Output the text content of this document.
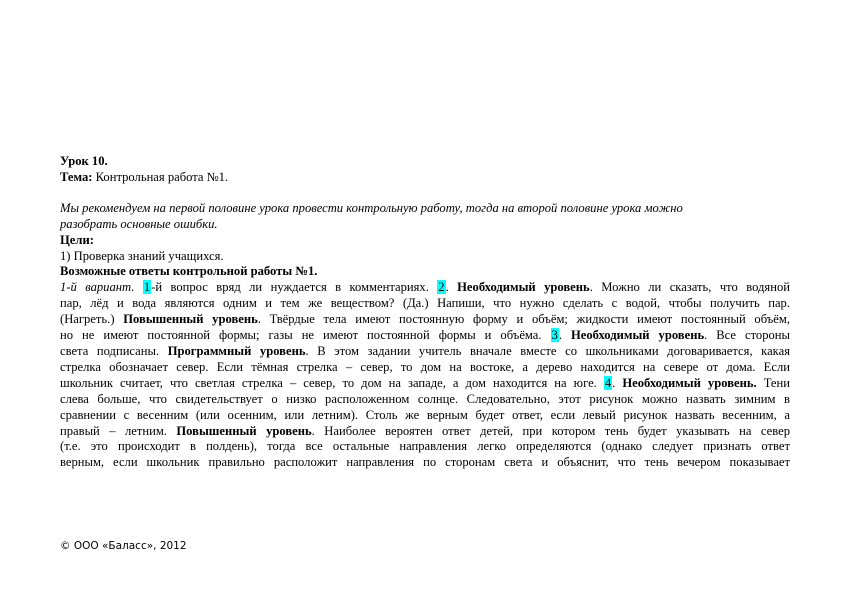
Урок 10.
Тема: Контрольная работа №1.
Мы рекомендуем на первой половине урока провести контрольную работу, тогда на второй половине урока можно
разобрать основные ошибки.
Цели:
1) Проверка знаний учащихся.
Возможные ответы контрольной работы №1.
1-й вариант. 1-й вопрос вряд ли нуждается в комментариях. 2. Необходимый уровень. Можно ли сказать, что водяной
пар, лёд и вода являются одним и тем же веществом? (Да.) Напиши, что нужно сделать с водой, чтобы получить пар.
(Нагреть.) Повышенный уровень. Твёрдые тела имеют постоянную форму и объём; жидкости имеют постоянный объём,
но не имеют постоянной формы; газы не имеют постоянной формы и объёма. 3. Необходимый уровень. Все стороны
света подписаны. Программный уровень. В этом задании учитель вначале вместе со школьниками договаривается, какая
стрелка обозначает север. Если тёмная стрелка – север, то дом на востоке, а дерево находится на севере от дома. Если
школьник считает, что светлая стрелка – север, то дом на западе, а дом находится на юге. 4. Необходимый уровень. Тени
слева больше, что свидетельствует о низко расположенном солнце. Следовательно, этот рисунок можно назвать зимним в
сравнении с весенним (или осенним, или летним). Столь же верным будет ответ, если левый рисунок назвать весенним, а
правый – летним. Повышенный уровень. Наиболее вероятен ответ детей, при котором тень будет указывать на север
(т.е. это происходит в полдень), тогда все остальные направления легко определяются (однако следует признать ответ
верным, если школьник правильно расположит направления по сторонам света и объяснит, что тень вечером показывает
© ООО «Баласс», 2012
